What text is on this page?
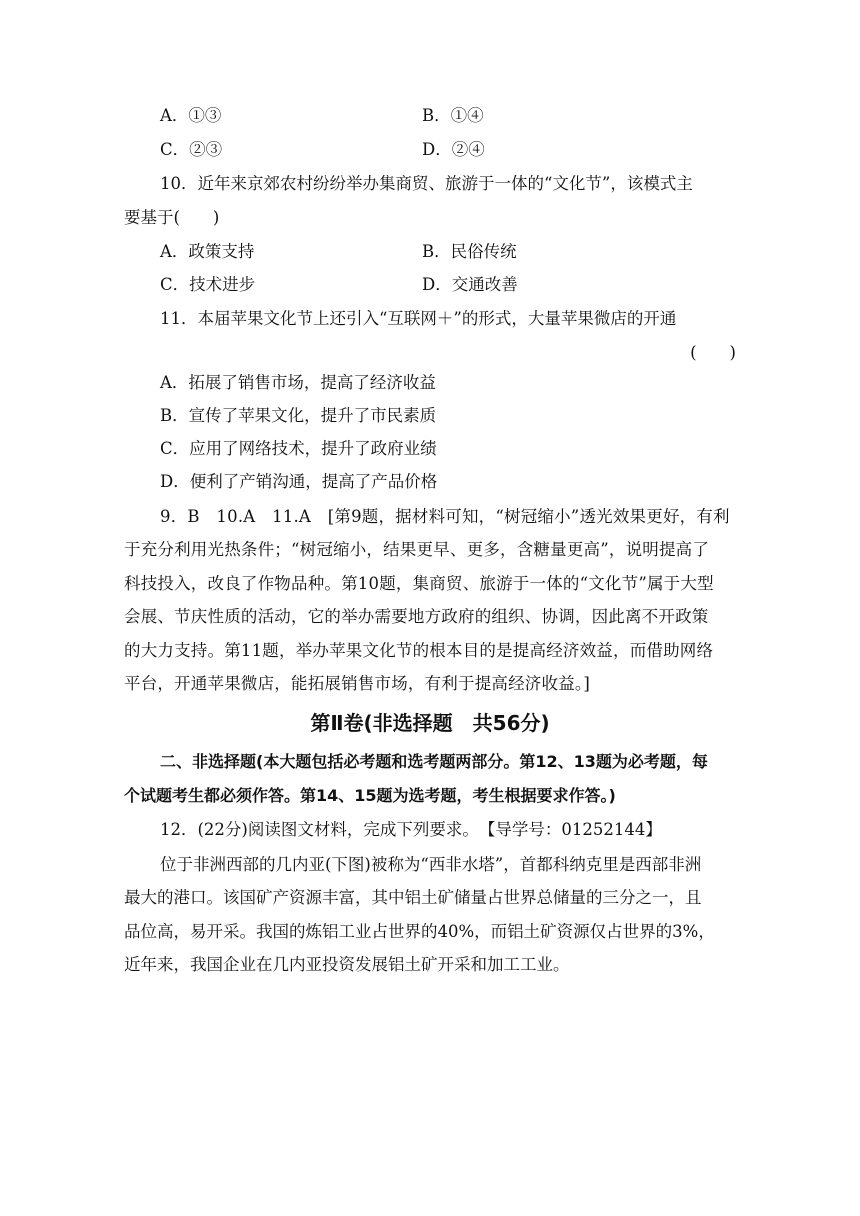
A．①③	B．①④
C．②③	D．②④
10．近年来京郊农村纷纷举办集商贸、旅游于一体的“文化节”，该模式主
要基于(　　)
A．政策支持	B．民俗传统
C．技术进步	D．交通改善
11．本届苹果文化节上还引入“互联网＋”的形式，大量苹果微店的开通
(　　)
A．拓展了销售市场，提高了经济收益
B．宣传了苹果文化，提升了市民素质
C．应用了网络技术，提升了政府业绩
D．便利了产销沟通，提高了产品价格
9．B　10.A　11.A　[第9题，据材料可知，“树冠缩小”透光效果更好，有利
于充分利用光热条件；“树冠缩小，结果更早、更多，含糖量更高”，说明提高了
科技投入，改良了作物品种。第10题，集商贸、旅游于一体的“文化节”属于大型
会展、节庆性质的活动，它的举办需要地方政府的组织、协调，因此离不开政策
的大力支持。第11题，举办苹果文化节的根本目的是提高经济效益，而借助网络
平台，开通苹果微店，能拓展销售市场，有利于提高经济收益。]
第Ⅱ卷(非选择题　共56分)
二、非选择题(本大题包括必考题和选考题两部分。第12、13题为必考题，每
个试题考生都必须作答。第14、15题为选考题，考生根据要求作答。)
12．(22分)阅读图文材料，完成下列要求。　【导学号：01252144】
位于非洲西部的几内亚(下图)被称为“西非水塔”，首都科纳克里是西部非洲
最大的港口。该国矿产资源丰富，其中铝土矿储量占世界总储量的三分之一，且
品位高，易开采。我国的炼铝工业占世界的40%，而铝土矿资源仅占世界的3%，
近年来，我国企业在几内亚投资发展铝土矿开采和加工工业。
